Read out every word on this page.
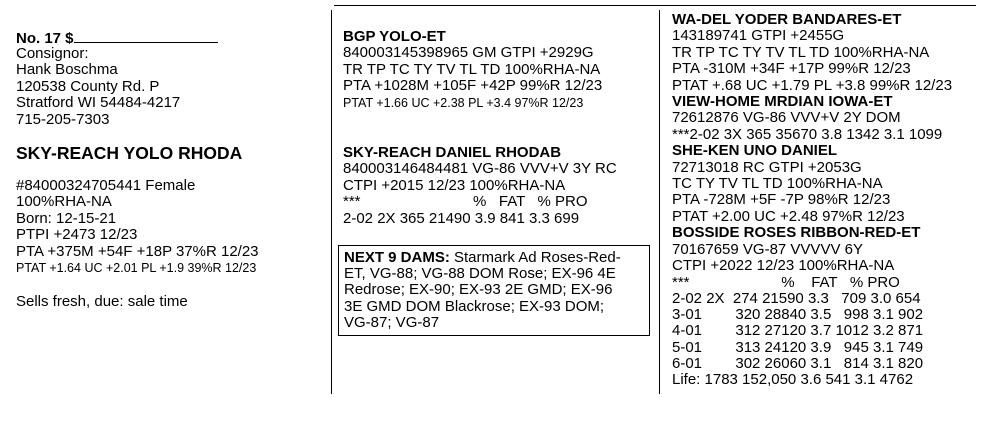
No. 17 $
Consignor:
Hank Boschma
120538 County Rd. P
Stratford WI 54484-4217
715-205-7303
SKY-REACH YOLO RHODA
#84000324705441 Female
100%RHA-NA
Born: 12-15-21
PTPI +2473 12/23
PTA +375M +54F +18P 37%R 12/23
PTAT +1.64 UC +2.01 PL +1.9 39%R 12/23
Sells fresh, due: sale time
BGP YOLO-ET
840003145398965 GM GTPI +2929G
TR TP TC TY TV TL TD 100%RHA-NA
PTA +1028M +105F +42P 99%R 12/23
PTAT +1.66 UC +2.38 PL +3.4 97%R 12/23
SKY-REACH DANIEL RHODAB
840003146484481 VG-86 VVV+V 3Y RC
CTPI +2015 12/23 100%RHA-NA
***                           %   FAT   % PRO
2-02 2X 365 21490 3.9 841 3.3 699
NEXT 9 DAMS: Starmark Ad Roses-Red-
ET, VG-88; VG-88 DOM Rose; EX-96 4E
Redrose; EX-90; EX-93 2E GMD; EX-96
3E GMD DOM Blackrose; EX-93 DOM;
VG-87; VG-87
WA-DEL YODER BANDARES-ET
143189741 GTPI +2455G
TR TP TC TY TV TL TD 100%RHA-NA
PTA -310M +34F +17P 99%R 12/23
PTAT +.68 UC +1.79 PL +3.8 99%R 12/23
VIEW-HOME MRDIAN IOWA-ET
72612876 VG-86 VVV+V 2Y DOM
***2-02 3X 365 35670 3.8 1342 3.1 1099
SHE-KEN UNO DANIEL
72713018 RC GTPI +2053G
TC TY TV TL TD 100%RHA-NA
PTA -728M +5F -7P 98%R 12/23
PTAT +2.00 UC +2.48 97%R 12/23
BOSSIDE ROSES RIBBON-RED-ET
70167659 VG-87 VVVVV 6Y
CTPI +2022 12/23 100%RHA-NA
***                      %    FAT   % PRO
2-02 2X  274 21590 3.3   709 3.0 654
3-01        320 28840 3.5   998 3.1 902
4-01        312 27120 3.7 1012 3.2 871
5-01        313 24120 3.9   945 3.1 749
6-01        302 26060 3.1   814 3.1 820
Life: 1783 152,050 3.6 541 3.1 4762
